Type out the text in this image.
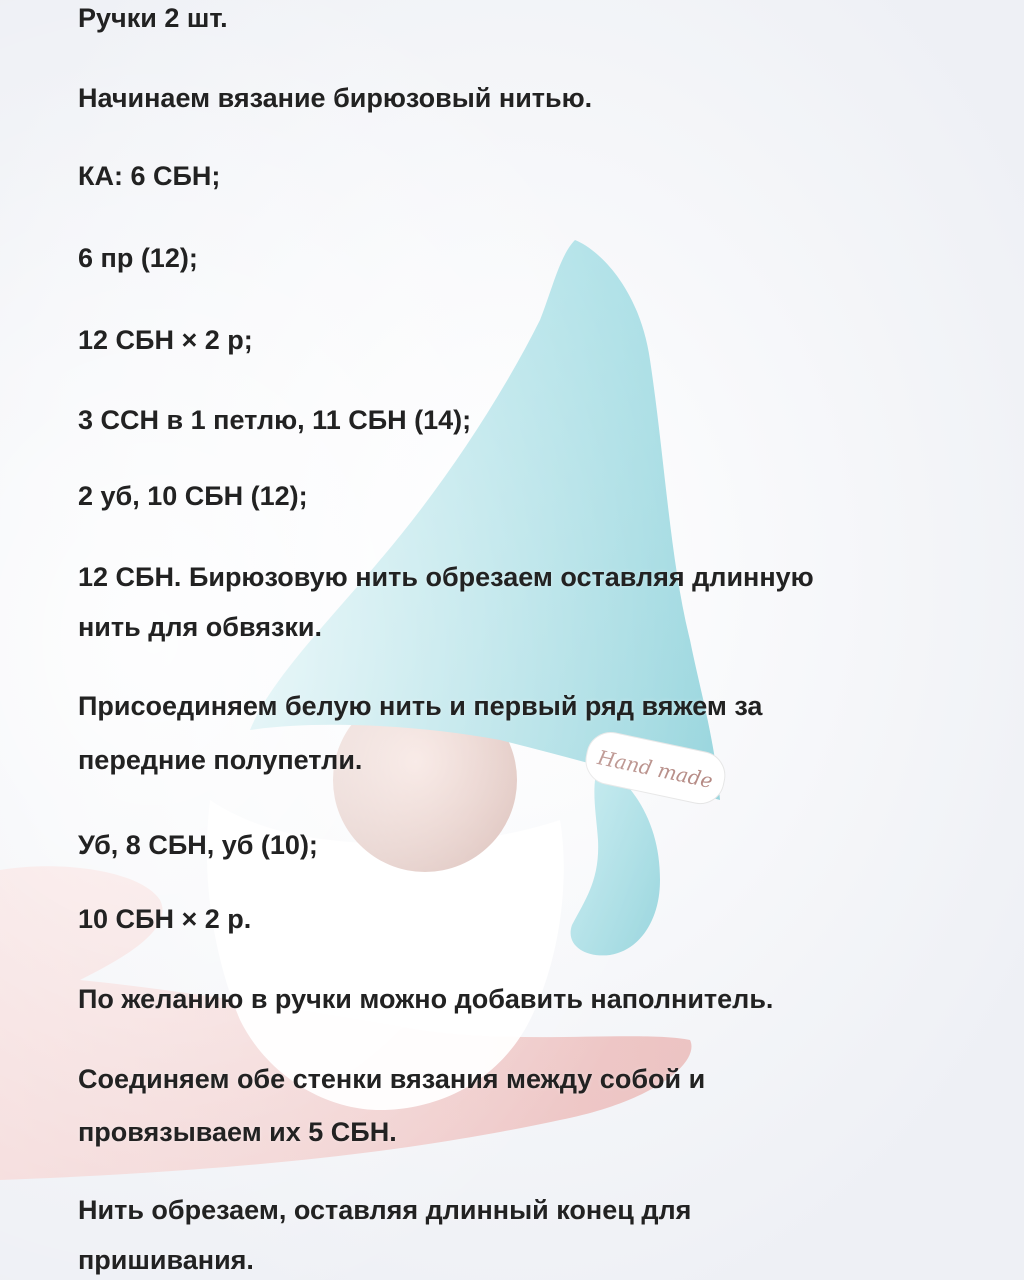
Ручки 2 шт.

Начинаем вязание бирюзовый нитью.

КА: 6 СБН;

6 пр (12);

12 СБН × 2 р;

3 ССН в 1 петлю, 11 СБН (14);

2 уб, 10 СБН (12);

12 СБН. Бирюзовую нить обрезаем оставляя длинную

нить для обвязки.

Присоединяем белую нить и первый ряд вяжем за

передние полупетли.

Уб, 8 СБН, уб (10);

10 СБН × 2 р.

По желанию в ручки можно добавить наполнитель.

Соединяем обе стенки вязания между собой и

провязываем их 5 СБН.

Нить обрезаем, оставляя длинный конец для

пришивания.
